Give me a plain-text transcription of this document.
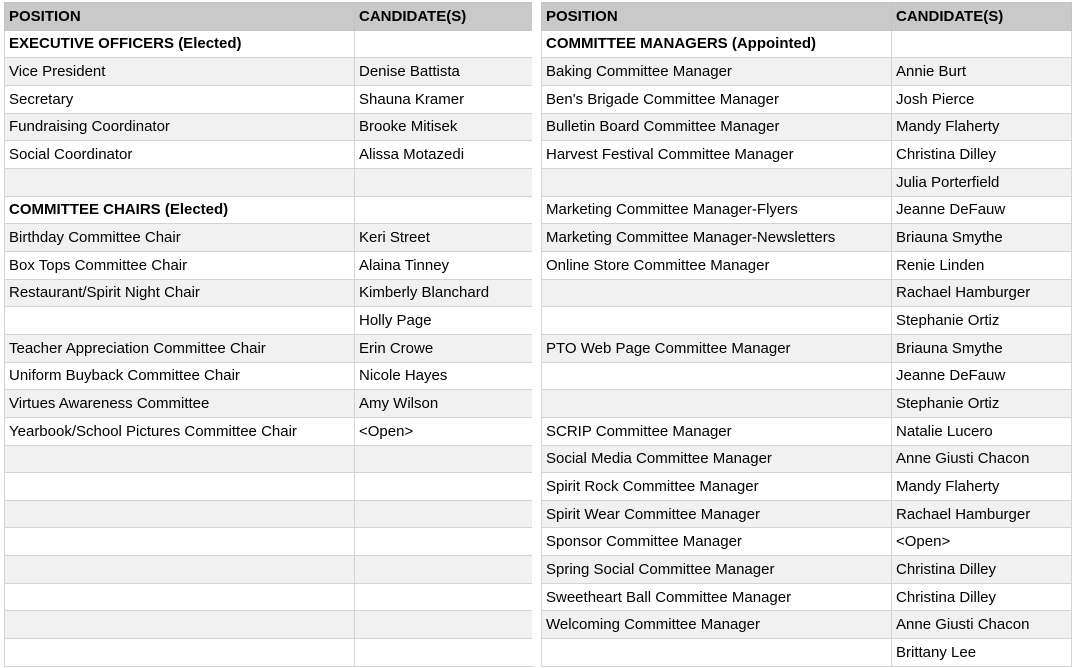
POSITION	CANDIDATE(S)
EXECUTIVE OFFICERS (Elected)	
Vice President	Denise Battista
Secretary	Shauna Kramer
Fundraising Coordinator	Brooke Mitisek
Social Coordinator	Alissa Motazedi

COMMITTEE CHAIRS (Elected)	
Birthday Committee Chair	Keri Street
Box Tops Committee Chair	Alaina Tinney
Restaurant/Spirit Night Chair	Kimberly Blanchard
	Holly Page
Teacher Appreciation Committee Chair	Erin Crowe
Uniform Buyback Committee Chair	Nicole Hayes
Virtues Awareness Committee	Amy Wilson
Yearbook/School Pictures Committee Chair	<Open>

POSITION	CANDIDATE(S)
COMMITTEE MANAGERS (Appointed)	
Baking Committee Manager	Annie Burt
Ben's Brigade Committee Manager	Josh Pierce
Bulletin Board Committee Manager	Mandy Flaherty
Harvest Festival Committee Manager	Christina Dilley
	Julia Porterfield
Marketing Committee Manager-Flyers	Jeanne DeFauw
Marketing Committee Manager-Newsletters	Briauna Smythe
Online Store Committee Manager	Renie Linden
	Rachael Hamburger
	Stephanie Ortiz
PTO Web Page Committee Manager	Briauna Smythe
	Jeanne DeFauw
	Stephanie Ortiz
SCRIP Committee Manager	Natalie Lucero
Social Media Committee Manager	Anne Giusti Chacon
Spirit Rock Committee Manager	Mandy Flaherty
Spirit Wear Committee Manager	Rachael Hamburger
Sponsor Committee Manager	<Open>
Spring Social Committee Manager	Christina Dilley
Sweetheart Ball Committee Manager	Christina Dilley
Welcoming Committee Manager	Anne Giusti Chacon
	Brittany Lee
